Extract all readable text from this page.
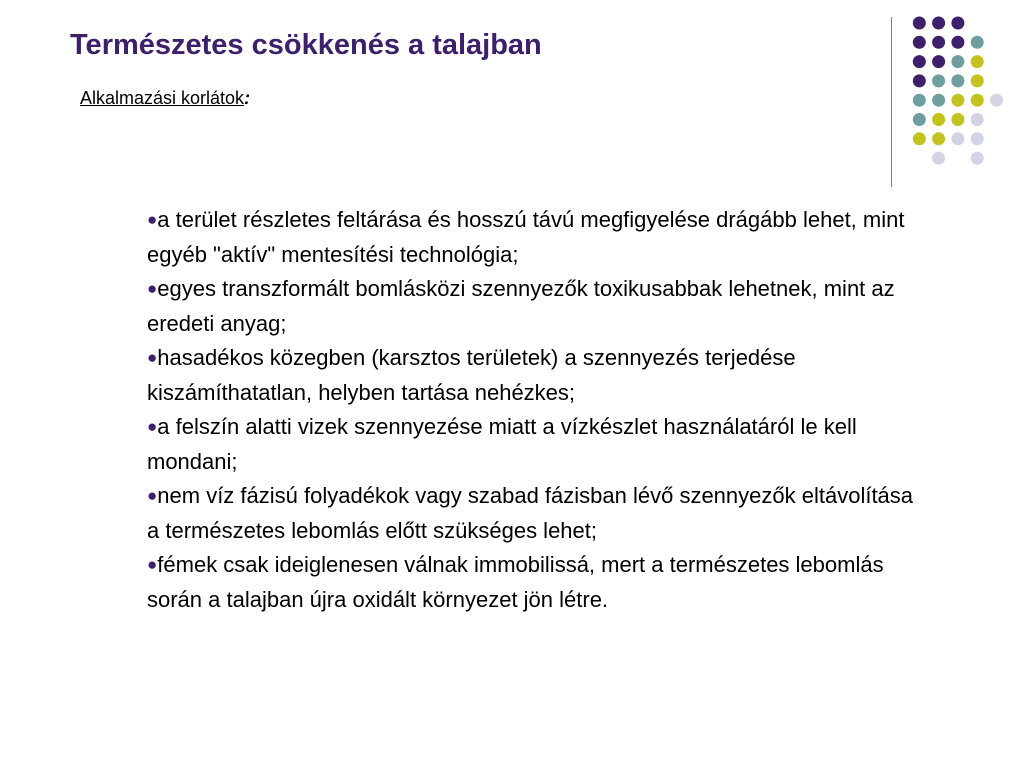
Természetes csökkenés a talajban
Alkalmazási korlátok:
●a terület részletes feltárása és hosszú távú megfigyelése drágább lehet, mint egyéb "aktív" mentesítési technológia;
●egyes transzformált bomlásközi szennyezők toxikusabbak lehetnek, mint az eredeti anyag;
●hasadékos közegben (karsztos területek) a szennyezés terjedése kiszámíthatatlan, helyben tartása nehézkes;
●a felszín alatti vizek szennyezése miatt a vízkészlet használatáról le kell mondani;
●nem víz fázisú folyadékok vagy szabad fázisban lévő szennyezők eltávolítása a természetes lebomlás előtt szükséges lehet;
●fémek csak ideiglenesen válnak immobilissá, mert a természetes lebomlás során a talajban újra oxidált környezet jön létre.
